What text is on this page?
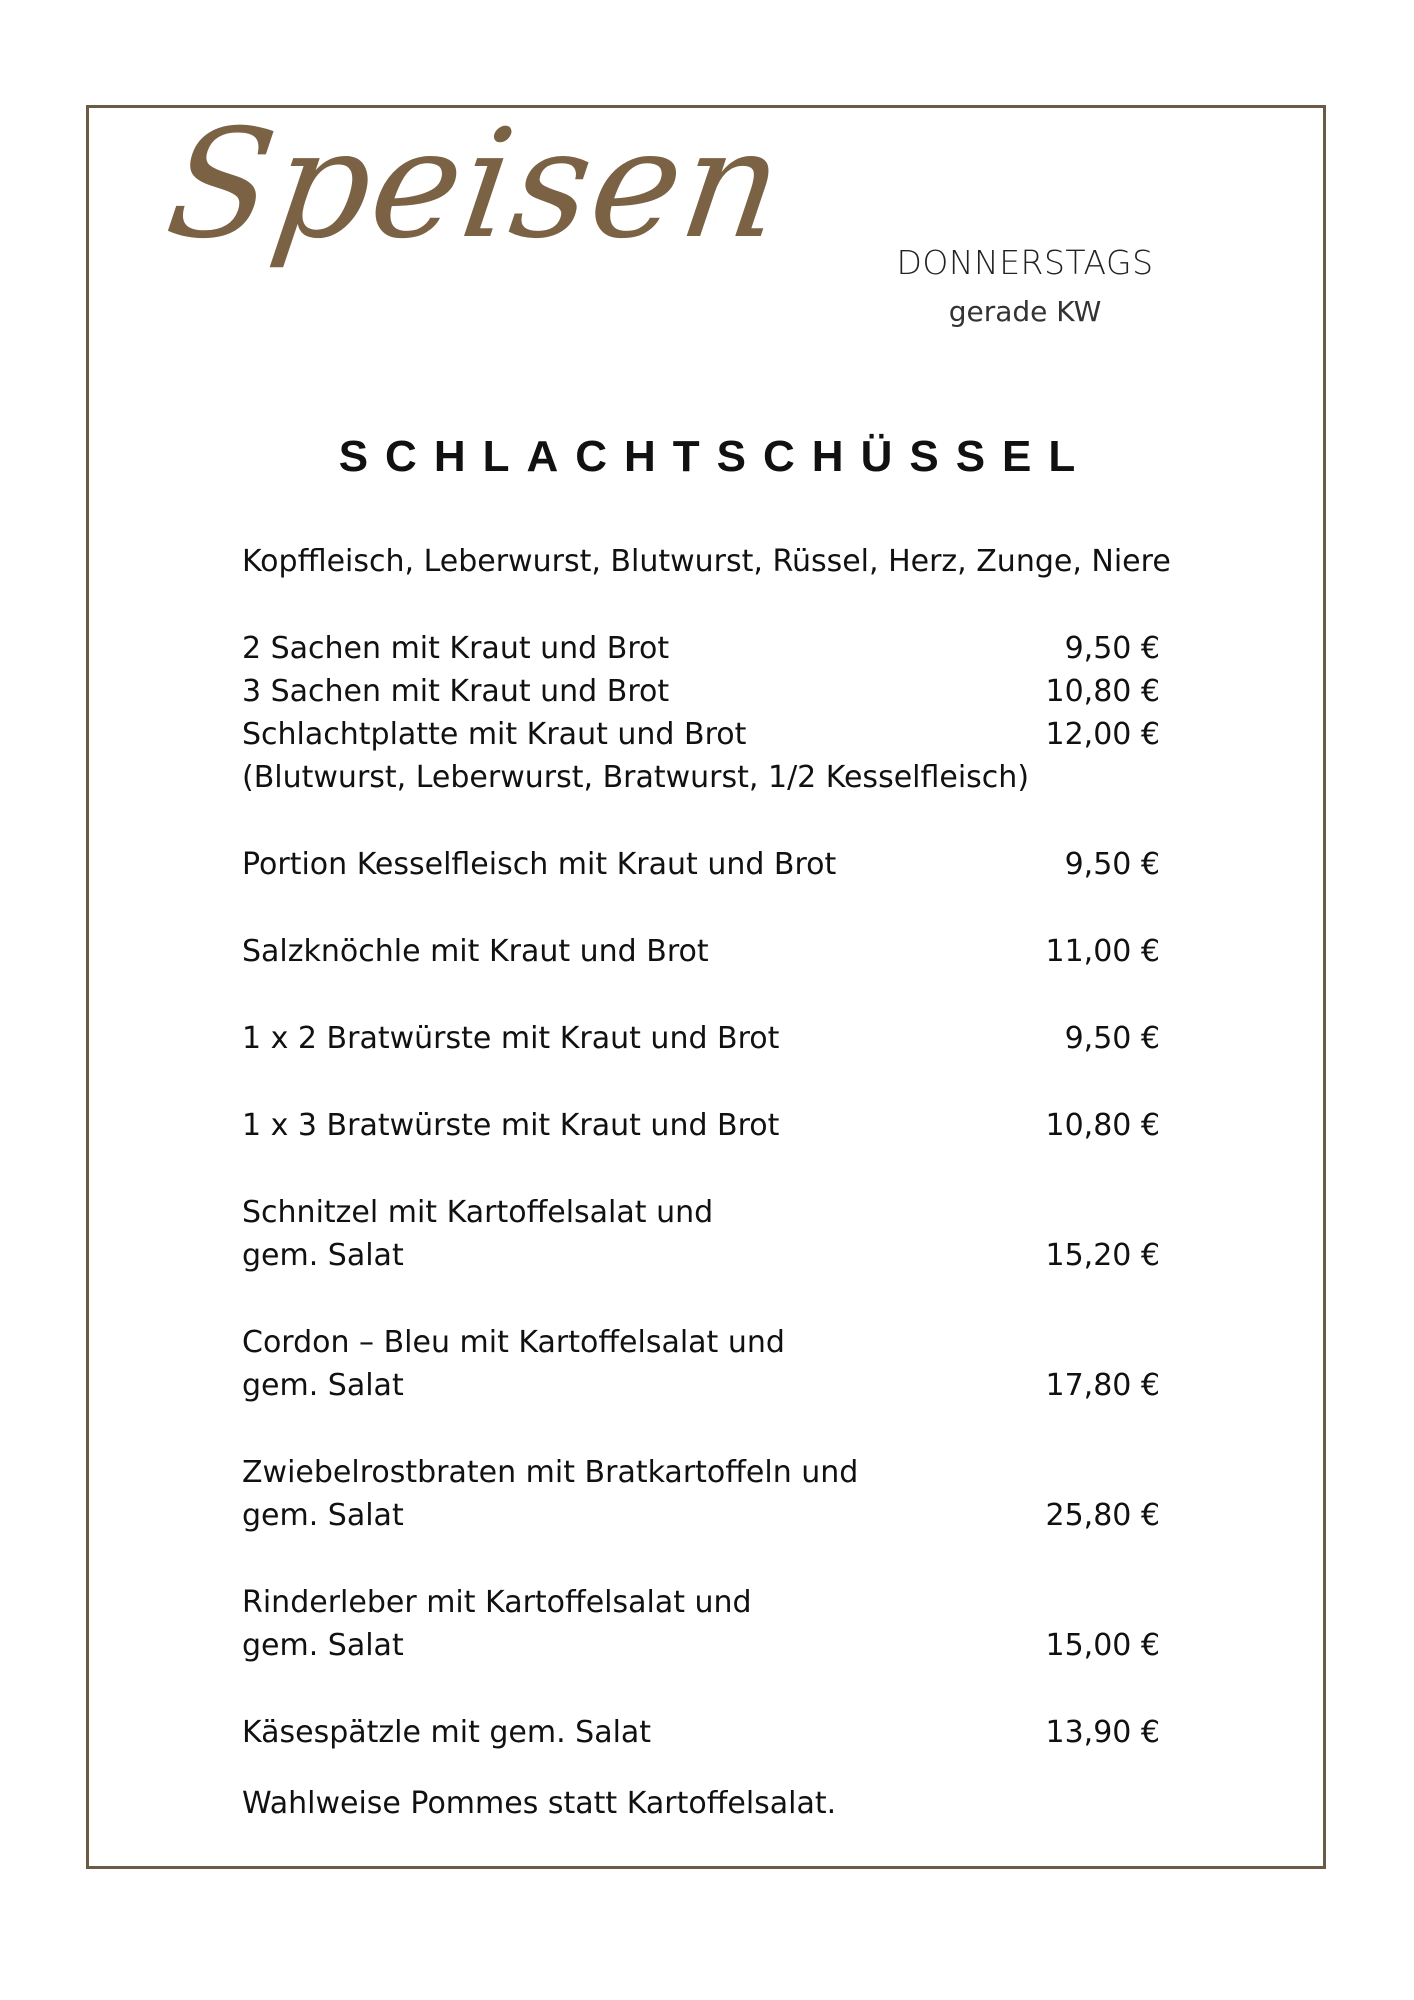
Speisen	DONNERSTAGS
gerade KW
SCHLACHTSCHÜSSEL
Kopffleisch, Leberwurst, Blutwurst, Rüssel, Herz, Zunge, Niere
2 Sachen mit Kraut und Brot	9,50 €
3 Sachen mit Kraut und Brot	10,80 €
Schlachtplatte mit Kraut und Brot	12,00 €
(Blutwurst, Leberwurst, Bratwurst, 1/2 Kesselfleisch)
Portion Kesselfleisch mit Kraut und Brot	9,50 €
Salzknöchle mit Kraut und Brot	11,00 €
1 x 2 Bratwürste mit Kraut und Brot	9,50 €
1 x 3 Bratwürste mit Kraut und Brot	10,80 €
Schnitzel mit Kartoffelsalat und
gem. Salat	15,20 €
Cordon – Bleu mit Kartoffelsalat und
gem. Salat	17,80 €
Zwiebelrostbraten mit Bratkartoffeln und
gem. Salat	25,80 €
Rinderleber mit Kartoffelsalat und
gem. Salat	15,00 €
Käsespätzle mit gem. Salat	13,90 €
Wahlweise Pommes statt Kartoffelsalat.
